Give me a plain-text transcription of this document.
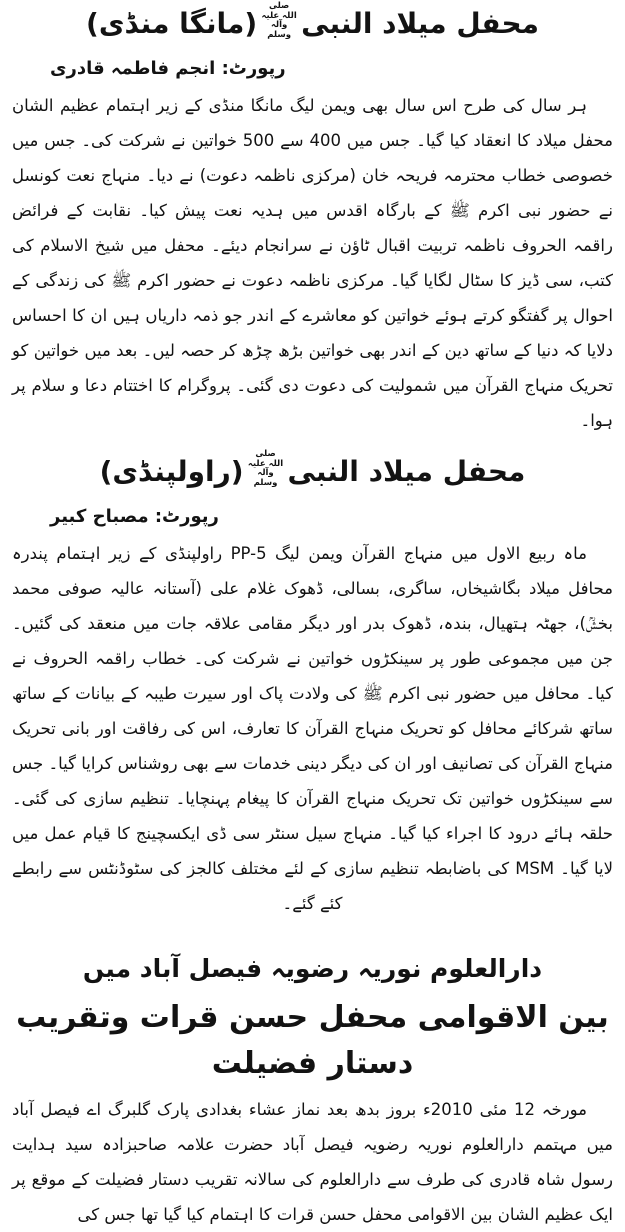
محفل میلاد النبیصلی اللہ علیہ وآلہ وسلم(مانگا منڈی)
رپورٹ: انجم فاطمہ قادری

ہر سال کی طرح اس سال بھی ویمن لیگ مانگا منڈی کے زیر اہتمام عظیم الشان محفل میلاد کا انعقاد کیا گیا۔ جس میں 400 سے 500 خواتین نے شرکت کی۔ جس میں خصوصی خطاب محترمہ فریحہ خان (مرکزی ناظمہ دعوت) نے دیا۔ منہاج نعت کونسل نے حضور نبی اکرم ﷺ کے بارگاہ اقدس میں ہدیہ نعت پیش کیا۔ نقابت کے فرائض راقمہ الحروف ناظمہ تربیت اقبال ٹاؤن نے سرانجام دیئے۔ محفل میں شیخ الاسلام کی کتب، سی ڈیز کا سٹال لگایا گیا۔ مرکزی ناظمہ دعوت نے حضور اکرم ﷺ کی زندگی کے احوال پر گفتگو کرتے ہوئے خواتین کو معاشرے کے اندر جو ذمہ داریاں ہیں ان کا احساس دلایا کہ دنیا کے ساتھ دین کے اندر بھی خواتین بڑھ چڑھ کر حصہ لیں۔ بعد میں خواتین کو تحریک منہاج القرآن میں شمولیت کی دعوت دی گئی۔ پروگرام کا اختتام دعا و سلام پر ہوا۔

محفل میلاد النبیصلی اللہ علیہ وآلہ وسلم(راولپنڈی)
رپورٹ: مصباح کبیر

ماہ ربیع الاول میں منہاج القرآن ویمن لیگ PP-5 راولپنڈی کے زیر اہتمام پندرہ محافل میلاد بگاشیخاں، ساگری، بسالی، ڈھوک غلام علی (آستانہ عالیہ صوفی محمد بخشؒ)، جھٹہ ہتھیال، بندہ، ڈھوک بدر اور دیگر مقامی علاقہ جات میں منعقد کی گئیں۔ جن میں مجموعی طور پر سینکڑوں خواتین نے شرکت کی۔ خطاب راقمہ الحروف نے کیا۔ محافل میں حضور نبی اکرم ﷺ کی ولادت پاک اور سیرت طیبہ کے بیانات کے ساتھ ساتھ شرکائے محافل کو تحریک منہاج القرآن کا تعارف، اس کی رفاقت اور بانی تحریک منہاج القرآن کی تصانیف اور ان کی دیگر دینی خدمات سے بھی روشناس کرایا گیا۔ جس سے سینکڑوں خواتین تک تحریک منہاج القرآن کا پیغام پہنچایا۔ تنظیم سازی کی گئی۔ حلقہ ہائے درود کا اجراء کیا گیا۔ منہاج سیل سنٹر سی ڈی ایکسچینج کا قیام عمل میں لایا گیا۔ MSM کی باضابطہ تنظیم سازی کے لئے مختلف کالجز کی سٹوڈنٹس سے رابطے کئے گئے۔

دارالعلوم نوریہ رضویہ فیصل آباد میں
بین الاقوامی محفل حسن قرات وتقریب دستار فضیلت

مورخہ 12 مئی 2010ء بروز بدھ بعد نماز عشاء بغدادی پارک گلبرگ اے فیصل آباد میں مہتمم دارالعلوم نوریہ رضویہ فیصل آباد حضرت علامہ صاحبزادہ سید ہدایت رسول شاہ قادری کی طرف سے دارالعلوم کی سالانہ تقریب دستار فضیلت کے موقع پر ایک عظیم الشان بین الاقوامی محفل حسن قرات کا اہتمام کیا گیا تھا جس کی
